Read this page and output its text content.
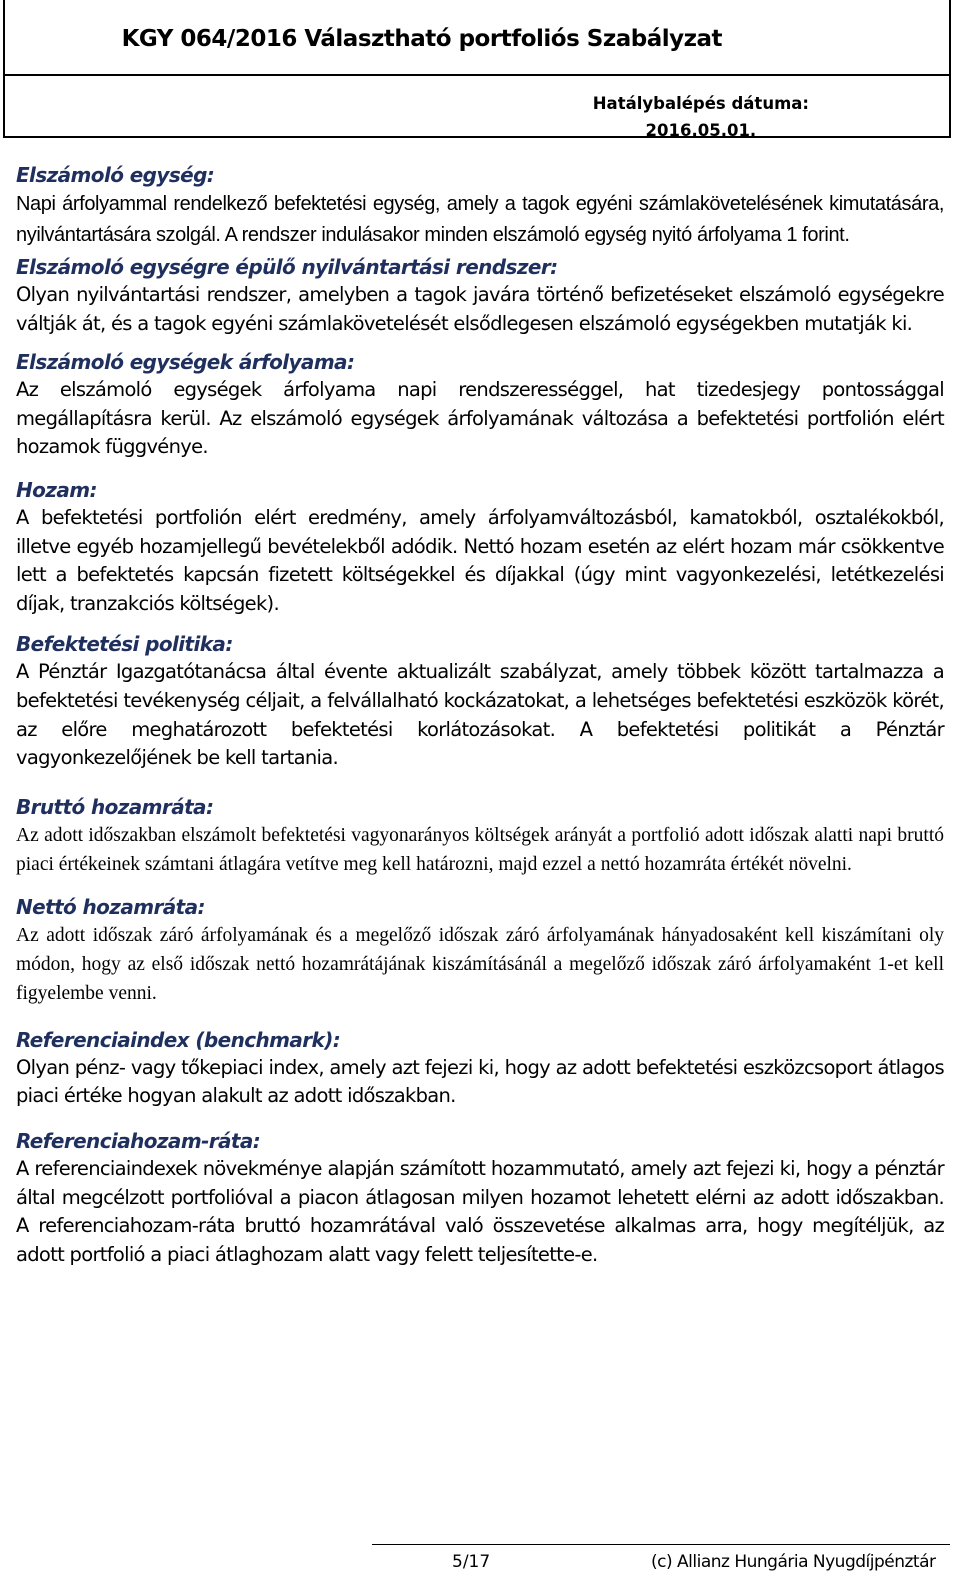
KGY 064/2016 Választható portfoliós Szabályzat
Hatálybalépés dátuma:
2016.05.01.
Elszámoló egység:
Napi árfolyammal rendelkező befektetési egység, amely a tagok egyéni számlakövetelésének kimutatására, nyilvántartására szolgál. A rendszer indulásakor minden elszámoló egység nyitó árfolyama 1 forint.
Elszámoló egységre épülő nyilvántartási rendszer:
Olyan nyilvántartási rendszer, amelyben a tagok javára történő befizetéseket elszámoló egységekre váltják át, és a tagok egyéni számlakövetelését elsődlegesen elszámoló egységekben mutatják ki.
Elszámoló egységek árfolyama:
Az elszámoló egységek árfolyama napi rendszerességgel, hat tizedesjegy pontossággal megállapításra kerül. Az elszámoló egységek árfolyamának változása a befektetési portfolión elért hozamok függvénye.
Hozam:
A befektetési portfolión elért eredmény, amely árfolyamváltozásból, kamatokból, osztalékokból, illetve egyéb hozamjellegű bevételekből adódik. Nettó hozam esetén az elért hozam már csökkentve lett a befektetés kapcsán fizetett költségekkel és díjakkal (úgy mint vagyonkezelési, letétkezelési díjak, tranzakciós költségek).
Befektetési politika:
A Pénztár Igazgatótanácsa által évente aktualizált szabályzat, amely többek között tartalmazza a befektetési tevékenység céljait, a felvállalható kockázatokat, a lehetséges befektetési eszközök körét, az előre meghatározott befektetési korlátozásokat. A befektetési politikát a Pénztár vagyonkezelőjének be kell tartania.
Bruttó hozamráta:
Az adott időszakban elszámolt befektetési vagyonarányos költségek arányát a portfolió adott időszak alatti napi bruttó piaci értékeinek számtani átlagára vetítve meg kell határozni, majd ezzel a nettó hozamráta értékét növelni.
Nettó hozamráta:
Az adott időszak záró árfolyamának és a megelőző időszak záró árfolyamának hányadosaként kell kiszámítani oly módon, hogy az első időszak nettó hozamrátájának kiszámításánál a megelőző időszak záró árfolyamaként 1-et kell figyelembe venni.
Referenciaindex (benchmark):
Olyan pénz- vagy tőkepiaci index, amely azt fejezi ki, hogy az adott befektetési eszközcsoport átlagos piaci értéke hogyan alakult az adott időszakban.
Referenciahozam-ráta:
A referenciaindexek növekménye alapján számított hozammutató, amely azt fejezi ki, hogy a pénztár által megcélzott portfolióval a piacon átlagosan milyen hozamot lehetett elérni az adott időszakban. A referenciahozam-ráta bruttó hozamrátával való összevetése alkalmas arra, hogy megítéljük, az adott portfolió a piaci átlaghozam alatt vagy felett teljesítette-e.
5/17	(c) Allianz Hungária Nyugdíjpénztár
